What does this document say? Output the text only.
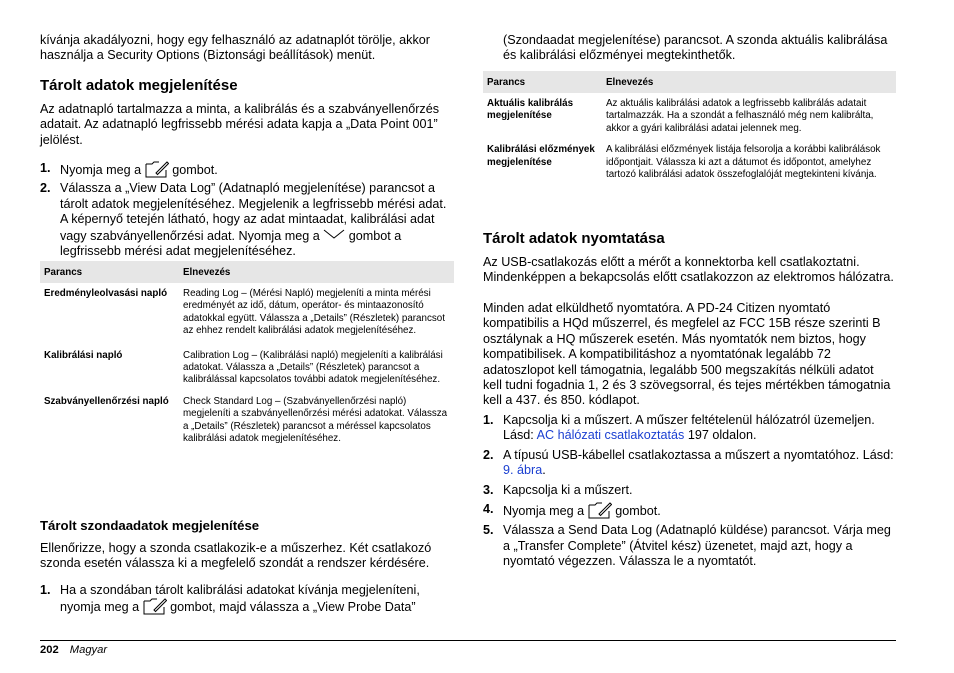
kívánja akadályozni, hogy egy felhasználó az adatnaplót törölje, akkor használja a Security Options (Biztonsági beállítások) menüt.

Tárolt adatok megjelenítése

Az adatnapló tartalmazza a minta, a kalibrálás és a szabványellenőrzés adatait. Az adatnapló legfrissebb mérési adata kapja a „Data Point 001” jelölést.

1. Nyomja meg a gombot.
2. Válassza a „View Data Log” (Adatnapló megjelenítése) parancsot a tárolt adatok megjelenítéséhez. Megjelenik a legfrissebb mérési adat. A képernyő tetején látható, hogy az adat mintaadat, kalibrálási adat vagy szabványellenőrzési adat. Nyomja meg a gombot a legfrissebb mérési adat megjelenítéséhez.
Parancs	Elnevezés
Eredményleolvasási napló	Reading Log – (Mérési Napló) megjeleníti a minta mérési eredményét az idő, dátum, operátor- és mintaazonosító adatokkal együtt. Válassza a „Details” (Részletek) parancsot az ehhez rendelt kalibrálási adatok megjelenítéséhez.
Kalibrálási napló	Calibration Log – (Kalibrálási napló) megjeleníti a kalibrálási adatokat. Válassza a „Details” (Részletek) parancsot a kalibrálással kapcsolatos további adatok megjelenítéséhez.
Szabványellenőrzési napló	Check Standard Log – (Szabványellenőrzési napló) megjeleníti a szabványellenőrzési mérési adatokat. Válassza a „Details” (Részletek) parancsot a méréssel kapcsolatos kalibrálási adatok megjelenítéséhez.
Tárolt szondaadatok megjelenítése

Ellenőrizze, hogy a szonda csatlakozik-e a műszerhez. Két csatlakozó szonda esetén válassza ki a megfelelő szondát a rendszer kérdésére.

1. Ha a szondában tárolt kalibrálási adatokat kívánja megjeleníteni, nyomja meg a gombot, majd válassza a „View Probe Data”

(Szondaadat megjelenítése) parancsot. A szonda aktuális kalibrálása és kalibrálási előzményei megtekinthetők.

Parancs	Elnevezés
Aktuális kalibrálás megjelenítése	Az aktuális kalibrálási adatok a legfrissebb kalibrálás adatait tartalmazzák. Ha a szondát a felhasználó még nem kalibrálta, akkor a gyári kalibrálási adatai jelennek meg.
Kalibrálási előzmények megjelenítése	A kalibrálási előzmények listája felsorolja a korábbi kalibrálások időpontjait. Válassza ki azt a dátumot és időpontot, amelyhez tartozó kalibrálási adatok összefoglalóját megtekinteni kívánja.
Tárolt adatok nyomtatása

Az USB-csatlakozás előtt a mérőt a konnektorba kell csatlakoztatni. Mindenképpen a bekapcsolás előtt csatlakozzon az elektromos hálózatra.

Minden adat elküldhető nyomtatóra. A PD-24 Citizen nyomtató kompatibilis a HQd műszerrel, és megfelel az FCC 15B része szerinti B osztálynak a HQ műszerek esetén. Más nyomtatók nem biztos, hogy kompatibilisek. A kompatibilitáshoz a nyomtatónak legalább 72 adatoszlopot kell támogatnia, legalább 500 megszakítás nélküli adatot kell tudni fogadnia 1, 2 és 3 szövegsorral, és tejes mértékben támogatnia kell a 437. és 850. kódlapot.

1. Kapcsolja ki a műszert. A műszer feltételenül hálózatról üzemeljen. Lásd: AC hálózati csatlakoztatás 197 oldalon.
2. A típusú USB-kábellel csatlakoztassa a műszert a nyomtatóhoz. Lásd: 9. ábra.
3. Kapcsolja ki a műszert.
4. Nyomja meg a gombot.
5. Válassza a Send Data Log (Adatnapló küldése) parancsot. Várja meg a „Transfer Complete” (Átvitel kész) üzenetet, majd azt, hogy a nyomtató végezzen. Válassza le a nyomtatót.
202 Magyar
